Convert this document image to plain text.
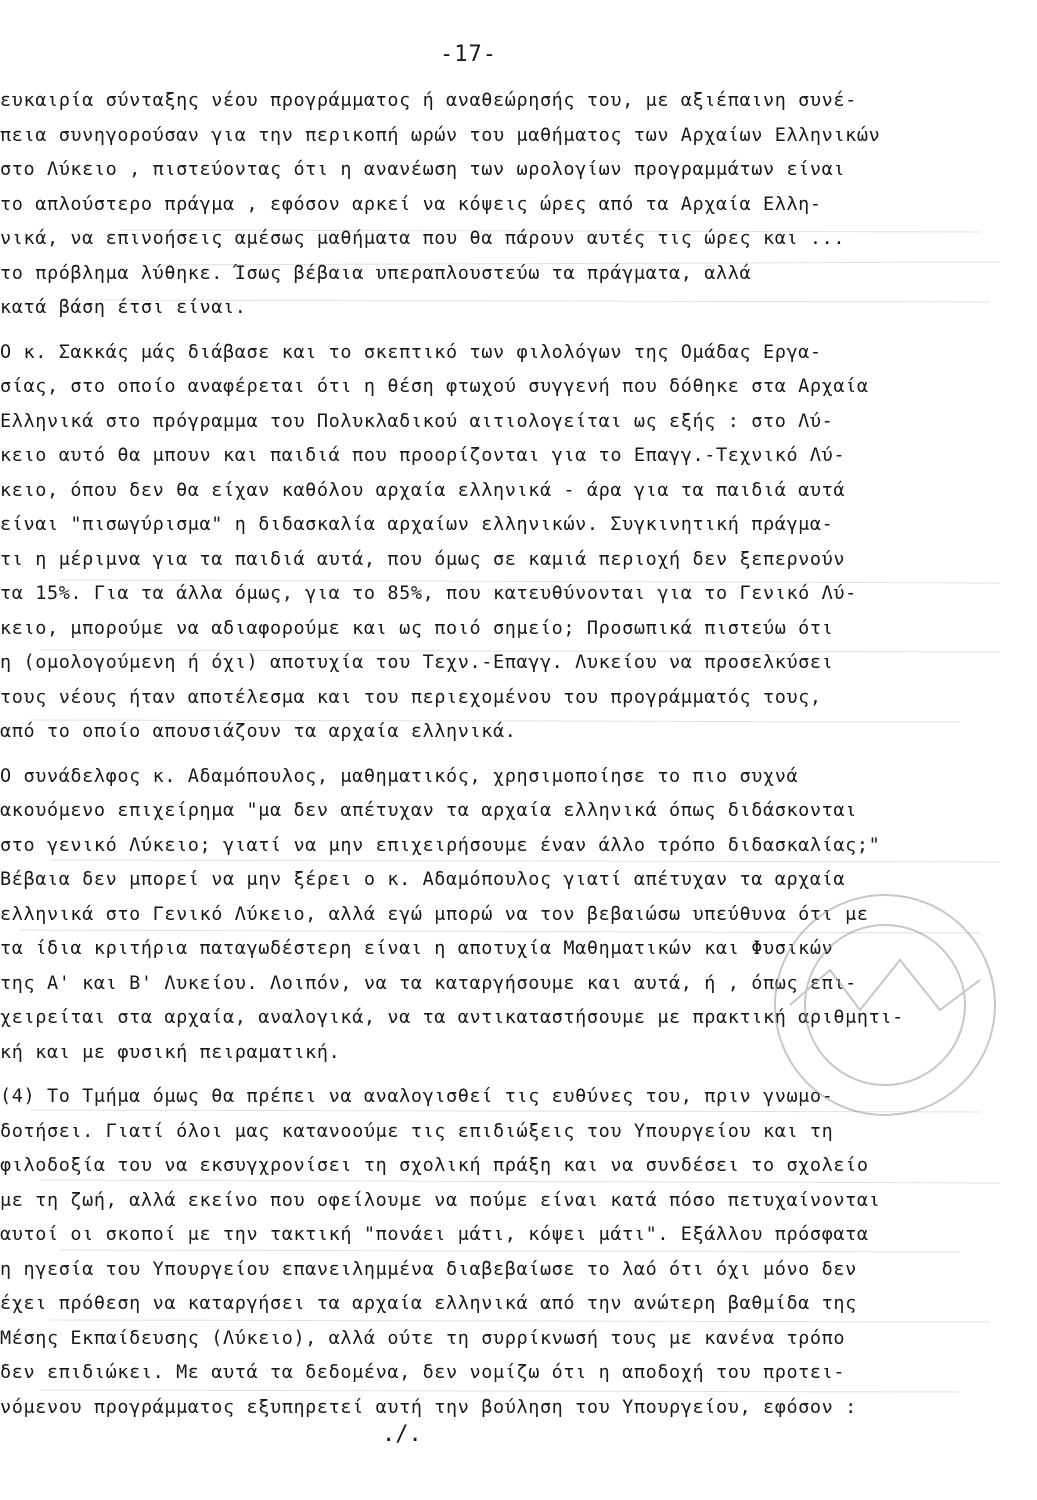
-17-
ευκαιρία σύνταξης νέου προγράμματος ή αναθεώρησής του, με αξιέπαινη συνέ-
πεια συνηγορούσαν για την περικοπή ωρών του μαθήματος των Αρχαίων Ελληνικών
στο Λύκειο , πιστεύοντας ότι η ανανέωση των ωρολογίων προγραμμάτων είναι
το απλούστερο πράγμα , εφόσον αρκεί να κόψεις ώρες από τα Αρχαία Ελλη-
νικά, να επινοήσεις αμέσως μαθήματα που θα πάρουν αυτές τις ώρες και ...
το πρόβλημα λύθηκε. Ίσως βέβαια υπεραπλουστεύω τα πράγματα, αλλά
κατά βάση έτσι είναι.
Ο κ. Σακκάς μάς διάβασε και το σκεπτικό των φιλολόγων της Ομάδας Εργα-
σίας, στο οποίο αναφέρεται ότι η θέση φτωχού συγγενή που δόθηκε στα Αρχαία
Ελληνικά στο πρόγραμμα του Πολυκλαδικού αιτιολογείται ως εξής : στο Λύ-
κειο αυτό θα μπουν και παιδιά που προορίζονται για το Επαγγ.-Τεχνικό Λύ-
κειο, όπου δεν θα είχαν καθόλου αρχαία ελληνικά - άρα για τα παιδιά αυτά
είναι "πισωγύρισμα" η διδασκαλία αρχαίων ελληνικών. Συγκινητική πράγμα-
τι η μέριμνα για τα παιδιά αυτά, που όμως σε καμιά περιοχή δεν ξεπερνούν
τα 15%. Για τα άλλα όμως, για το 85%, που κατευθύνονται για το Γενικό Λύ-
κειο, μπορούμε να αδιαφορούμε και ως ποιό σημείο; Προσωπικά πιστεύω ότι
η (ομολογούμενη ή όχι) αποτυχία του Τεχν.-Επαγγ. Λυκείου να προσελκύσει
τους νέους ήταν αποτέλεσμα και του περιεχομένου του προγράμματός τους,
από το οποίο απουσιάζουν τα αρχαία ελληνικά.
Ο συνάδελφος κ. Αδαμόπουλος, μαθηματικός, χρησιμοποίησε το πιο συχνά
ακουόμενο επιχείρημα "μα δεν απέτυχαν τα αρχαία ελληνικά όπως διδάσκονται
στο γενικό Λύκειο; γιατί να μην επιχειρήσουμε έναν άλλο τρόπο διδασκαλίας;"
Βέβαια δεν μπορεί να μην ξέρει ο κ. Αδαμόπουλος γιατί απέτυχαν τα αρχαία
ελληνικά στο Γενικό Λύκειο, αλλά εγώ μπορώ να τον βεβαιώσω υπεύθυνα ότι με
τα ίδια κριτήρια παταγωδέστερη είναι η αποτυχία Μαθηματικών και Φυσικών
της Α' και Β' Λυκείου. Λοιπόν, να τα καταργήσουμε και αυτά, ή , όπως επι-
χειρείται στα αρχαία, αναλογικά, να τα αντικαταστήσουμε με πρακτική αριθμητι-
κή και με φυσική πειραματική.
(4) Το Τμήμα όμως θα πρέπει να αναλογισθεί τις ευθύνες του, πριν γνωμο-
δοτήσει. Γιατί όλοι μας κατανοούμε τις επιδιώξεις του Υπουργείου και τη
φιλοδοξία του να εκσυγχρονίσει τη σχολική πράξη και να συνδέσει το σχολείο
με τη ζωή, αλλά εκείνο που οφείλουμε να πούμε είναι κατά πόσο πετυχαίνονται
αυτοί οι σκοποί με την τακτική "πονάει μάτι, κόψει μάτι". Εξάλλου πρόσφατα
η ηγεσία του Υπουργείου επανειλημμένα διαβεβαίωσε το λαό ότι όχι μόνο δεν
έχει πρόθεση να καταργήσει τα αρχαία ελληνικά από την ανώτερη βαθμίδα της
Μέσης Εκπαίδευσης (Λύκειο), αλλά ούτε τη συρρίκνωσή τους με κανένα τρόπο
δεν επιδιώκει. Με αυτά τα δεδομένα, δεν νομίζω ότι η αποδοχή του προτει-
νόμενου προγράμματος εξυπηρετεί αυτή την βούληση του Υπουργείου, εφόσον :
./.
